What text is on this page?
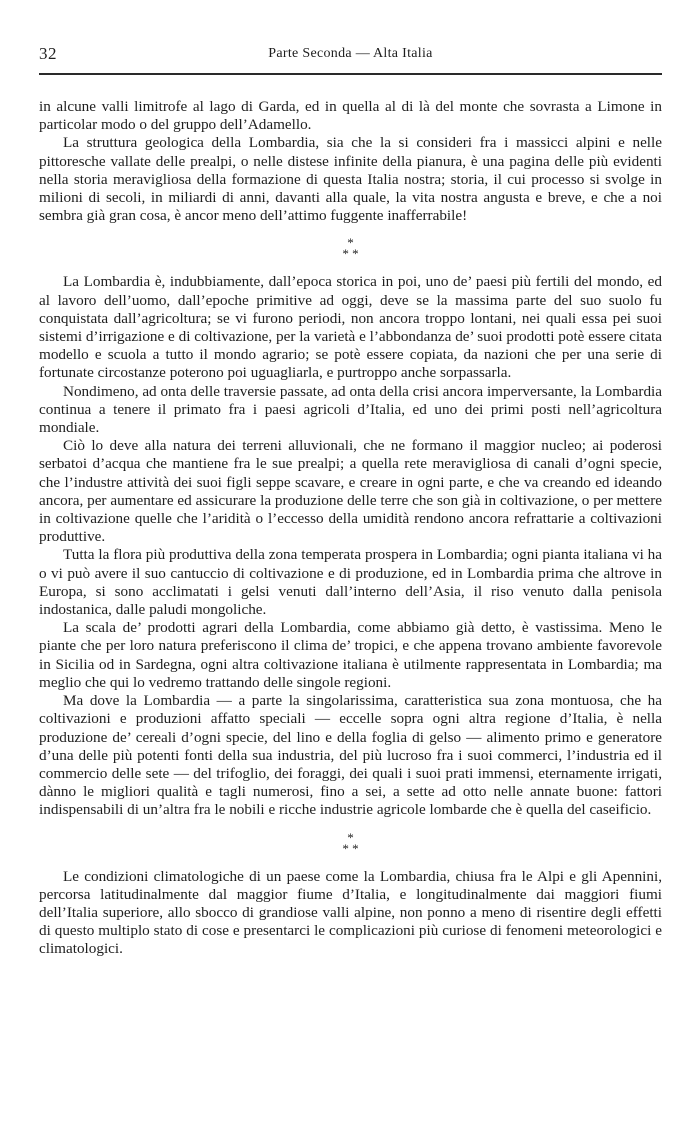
32	Parte Seconda — Alta Italia

in alcune valli limitrofe al lago di Garda, ed in quella al di là del monte che sovrasta a Limone in particolar modo o del gruppo dell’Adamello.

La struttura geologica della Lombardia, sia che la si consideri fra i massicci alpini e nelle pittoresche vallate delle prealpi, o nelle distese infinite della pianura, è una pagina delle più evidenti nella storia meravigliosa della formazione di questa Italia nostra; storia, il cui processo si svolge in milioni di secoli, in miliardi di anni, davanti alla quale, la vita nostra angusta e breve, e che a noi sembra già gran cosa, è ancor meno dell’attimo fuggente inafferrabile!

*
* *

La Lombardia è, indubbiamente, dall’epoca storica in poi, uno de’ paesi più fertili del mondo, ed al lavoro dell’uomo, dall’epoche primitive ad oggi, deve se la massima parte del suo suolo fu conquistata dall’agricoltura; se vi furono periodi, non ancora troppo lontani, nei quali essa pei suoi sistemi d’irrigazione e di coltivazione, per la varietà e l’abbondanza de’ suoi prodotti potè essere citata modello e scuola a tutto il mondo agrario; se potè essere copiata, da nazioni che per una serie di fortunate circostanze poterono poi uguagliarla, e purtroppo anche sorpassarla.

Nondimeno, ad onta delle traversie passate, ad onta della crisi ancora imperversante, la Lombardia continua a tenere il primato fra i paesi agricoli d’Italia, ed uno dei primi posti nell’agricoltura mondiale.

Ciò lo deve alla natura dei terreni alluvionali, che ne formano il maggior nucleo; ai poderosi serbatoi d’acqua che mantiene fra le sue prealpi; a quella rete meravigliosa di canali d’ogni specie, che l’industre attività dei suoi figli seppe scavare, e creare in ogni parte, e che va creando ed ideando ancora, per aumentare ed assicurare la produzione delle terre che son già in coltivazione, o per mettere in coltivazione quelle che l’aridità o l’eccesso della umidità rendono ancora refrattarie a coltivazioni produttive.

Tutta la flora più produttiva della zona temperata prospera in Lombardia; ogni pianta italiana vi ha o vi può avere il suo cantuccio di coltivazione e di produzione, ed in Lombardia prima che altrove in Europa, si sono acclimatati i gelsi venuti dall’interno dell’Asia, il riso venuto dalla penisola indostanica, dalle paludi mongoliche.

La scala de’ prodotti agrari della Lombardia, come abbiamo già detto, è vastissima. Meno le piante che per loro natura preferiscono il clima de’ tropici, e che appena trovano ambiente favorevole in Sicilia od in Sardegna, ogni altra coltivazione italiana è utilmente rappresentata in Lombardia; ma meglio che qui lo vedremo trattando delle singole regioni.

Ma dove la Lombardia — a parte la singolarissima, caratteristica sua zona montuosa, che ha coltivazioni e produzioni affatto speciali — eccelle sopra ogni altra regione d’Italia, è nella produzione de’ cereali d’ogni specie, del lino e della foglia di gelso — alimento primo e generatore d’una delle più potenti fonti della sua industria, del più lucroso fra i suoi commerci, l’industria ed il commercio delle sete — del trifoglio, dei foraggi, dei quali i suoi prati immensi, eternamente irrigati, dànno le migliori qualità e tagli numerosi, fino a sei, a sette ad otto nelle annate buone: fattori indispensabili di un’altra fra le nobili e ricche industrie agricole lombarde che è quella del caseificio.

*
* *

Le condizioni climatologiche di un paese come la Lombardia, chiusa fra le Alpi e gli Apennini, percorsa latitudinalmente dal maggior fiume d’Italia, e longitudinalmente dai maggiori fiumi dell’Italia superiore, allo sbocco di grandiose valli alpine, non ponno a meno di risentire degli effetti di questo multiplo stato di cose e presentarci le complicazioni più curiose di fenomeni meteorologici e climatologici.
